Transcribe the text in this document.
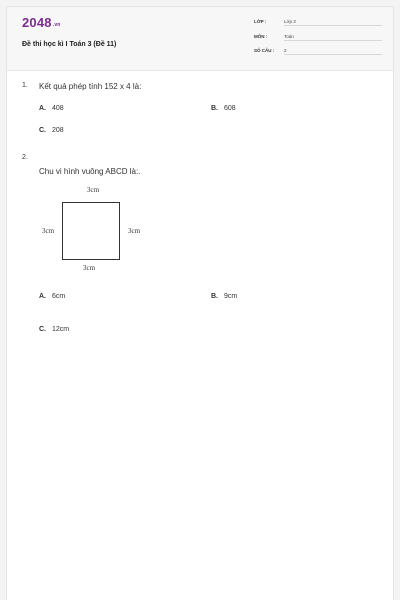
2048.vn
Đề thi học kì I Toán 3 (Đề 11)
LỚP :	Lớp 3
MÔN :	Toán
SỐ CÂU : 2
1. Kết quả phép tính 152 x 4 là:
A. 408	B. 608
C. 208
2.
Chu vi hình vuông ABCD là:.
3cm
3cm	3cm
3cm
A. 6cm	B. 9cm
C. 12cm
